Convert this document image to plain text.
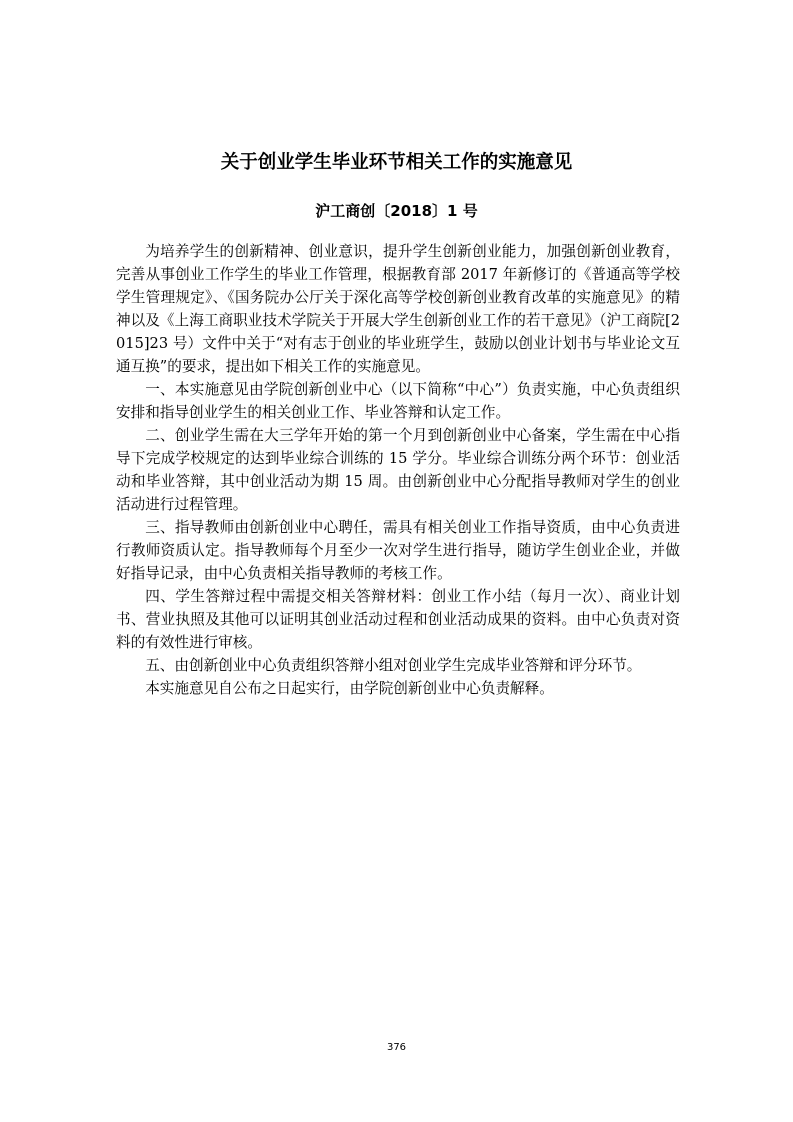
关于创业学生毕业环节相关工作的实施意见
沪工商创〔2018〕1 号

为培养学生的创新精神、创业意识，提升学生创新创业能力，加强创新创业教育，完善从事创业工作学生的毕业工作管理，根据教育部 2017 年新修订的《普通高等学校学生管理规定》、《国务院办公厅关于深化高等学校创新创业教育改革的实施意见》的精神以及《上海工商职业技术学院关于开展大学生创新创业工作的若干意见》（沪工商院[2015]23 号）文件中关于“对有志于创业的毕业班学生，鼓励以创业计划书与毕业论文互通互换”的要求，提出如下相关工作的实施意见。

一、本实施意见由学院创新创业中心（以下简称“中心”）负责实施，中心负责组织安排和指导创业学生的相关创业工作、毕业答辩和认定工作。

二、创业学生需在大三学年开始的第一个月到创新创业中心备案，学生需在中心指导下完成学校规定的达到毕业综合训练的 15 学分。毕业综合训练分两个环节：创业活动和毕业答辩，其中创业活动为期 15 周。由创新创业中心分配指导教师对学生的创业活动进行过程管理。

三、指导教师由创新创业中心聘任，需具有相关创业工作指导资质，由中心负责进行教师资质认定。指导教师每个月至少一次对学生进行指导，随访学生创业企业，并做好指导记录，由中心负责相关指导教师的考核工作。

四、学生答辩过程中需提交相关答辩材料：创业工作小结（每月一次）、商业计划书、营业执照及其他可以证明其创业活动过程和创业活动成果的资料。由中心负责对资料的有效性进行审核。

五、由创新创业中心负责组织答辩小组对创业学生完成毕业答辩和评分环节。

本实施意见自公布之日起实行，由学院创新创业中心负责解释。

376
